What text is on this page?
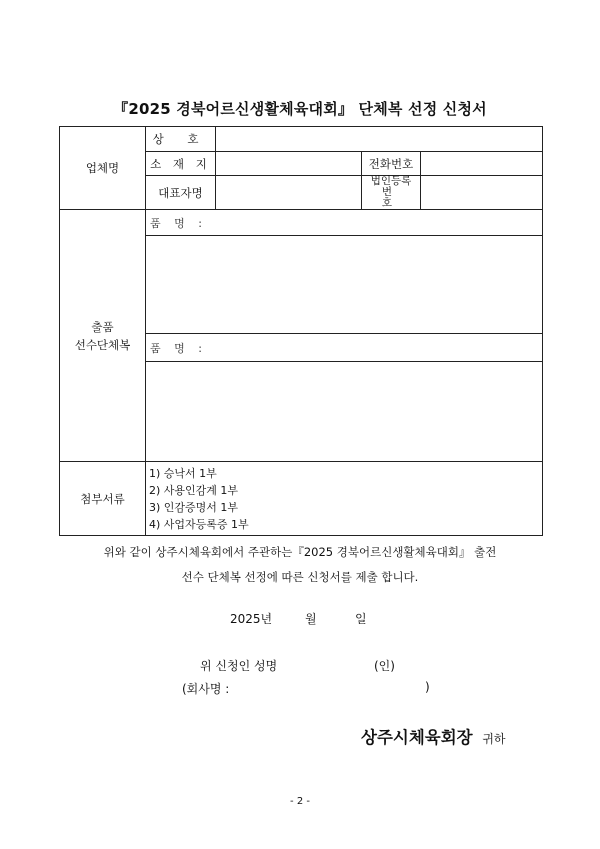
『2025 경북어르신생활체육대회』 단체복 선정 신청서
업체명	상 호			
	소 재 지		전화번호	
	대표자명		법인등록
번 호	

출품
선수단체복	품 명 :			

	품 명 :			

첨부서류	1) 승낙서 1부
2) 사용인감계 1부
3) 인감증명서 1부
4) 사업자등록증 1부			
위와 같이 상주시체육회에서 주관하는『2025 경북어르신생활체육대회』 출전
선수 단체복 선정에 따른 신청서를 제출 합니다.
2025년	월	일
위 신청인 성명	(인)
(회사명 :	)
상주시체육회장 귀하
- 2 -
